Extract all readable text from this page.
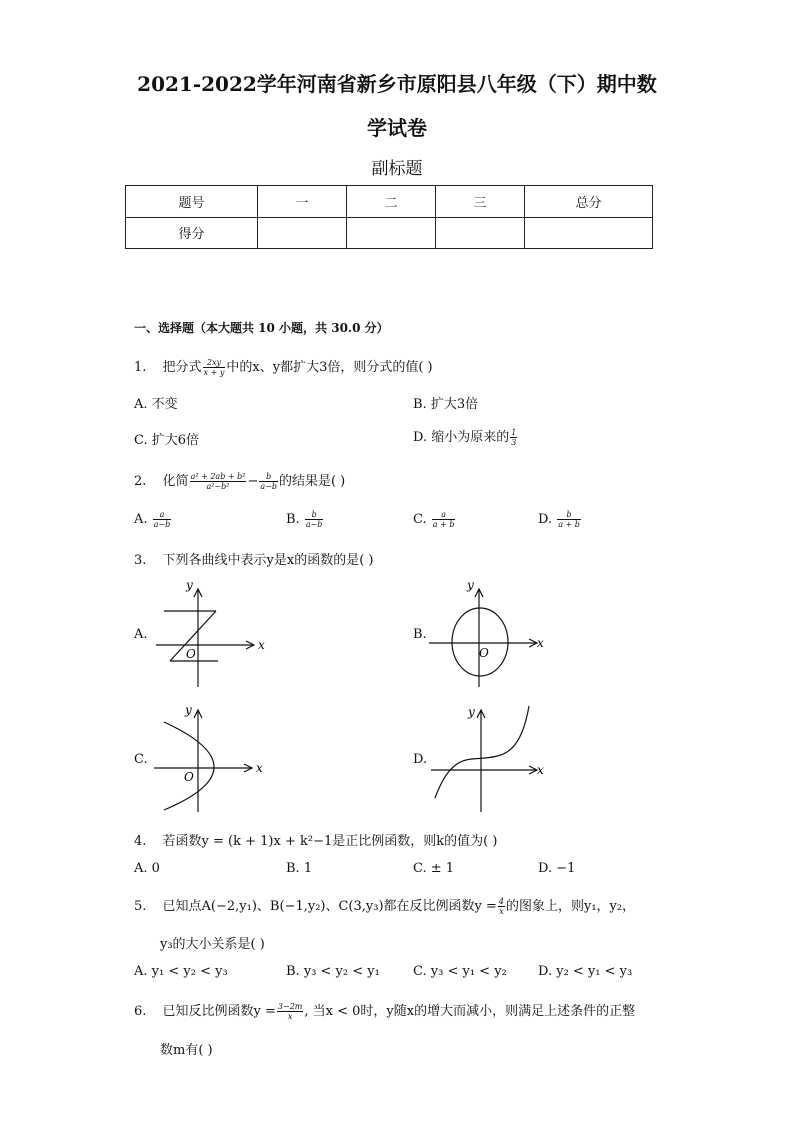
2021-2022学年河南省新乡市原阳县八年级（下）期中数
学试卷
副标题
题号	一	二	三	总分
得分				
一、选择题（本大题共 10 小题，共 30.0 分）
1. 把分式 $\frac{2xy}{x + y}$ 中的x、y都扩大3倍，则分式的值( )
A. 不变	B. 扩大3倍
C. 扩大6倍	D. 缩小为原来的 $\frac{1}{3}$
2. 化简 $\frac{\text{a² + 2ab + b²}}{\text{a²−b²}} - \frac{b}{a-b}$ 的结果是( )
A. $\frac{a}{a-b}$	B. $\frac{b}{a-b}$	C. $\frac{a}{a + b}$	D. $\frac{b}{a + b}$
3. 下列各曲线中表示y是x的函数的是( )
A.	B.
C.	D.
O
x
y
O
x
y
O
x
y
x
y
4. 若函数y = (k + 1)x + k²−1是正比例函数，则k的值为( )
A. 0	B. 1	C. ± 1	D. −1
5. 已知点A(−2,y₁)、B(−1,y₂)、C(3,y₃)都在反比例函数$y = \frac{4}{x}$ 的图象上，则y₁，y₂，
y₃的大小关系是( )
A. y₁ < y₂ < y₃	B. y₃ < y₂ < y₁	C. y₃ < y₁ < y₂ D. y₂ < y₁ < y₃
6. 已知反比例函数$y = \frac{3-2m}{x}$ , 当x < 0时，y随x的增大而减小，则满足上述条件的正整
数m有( )
